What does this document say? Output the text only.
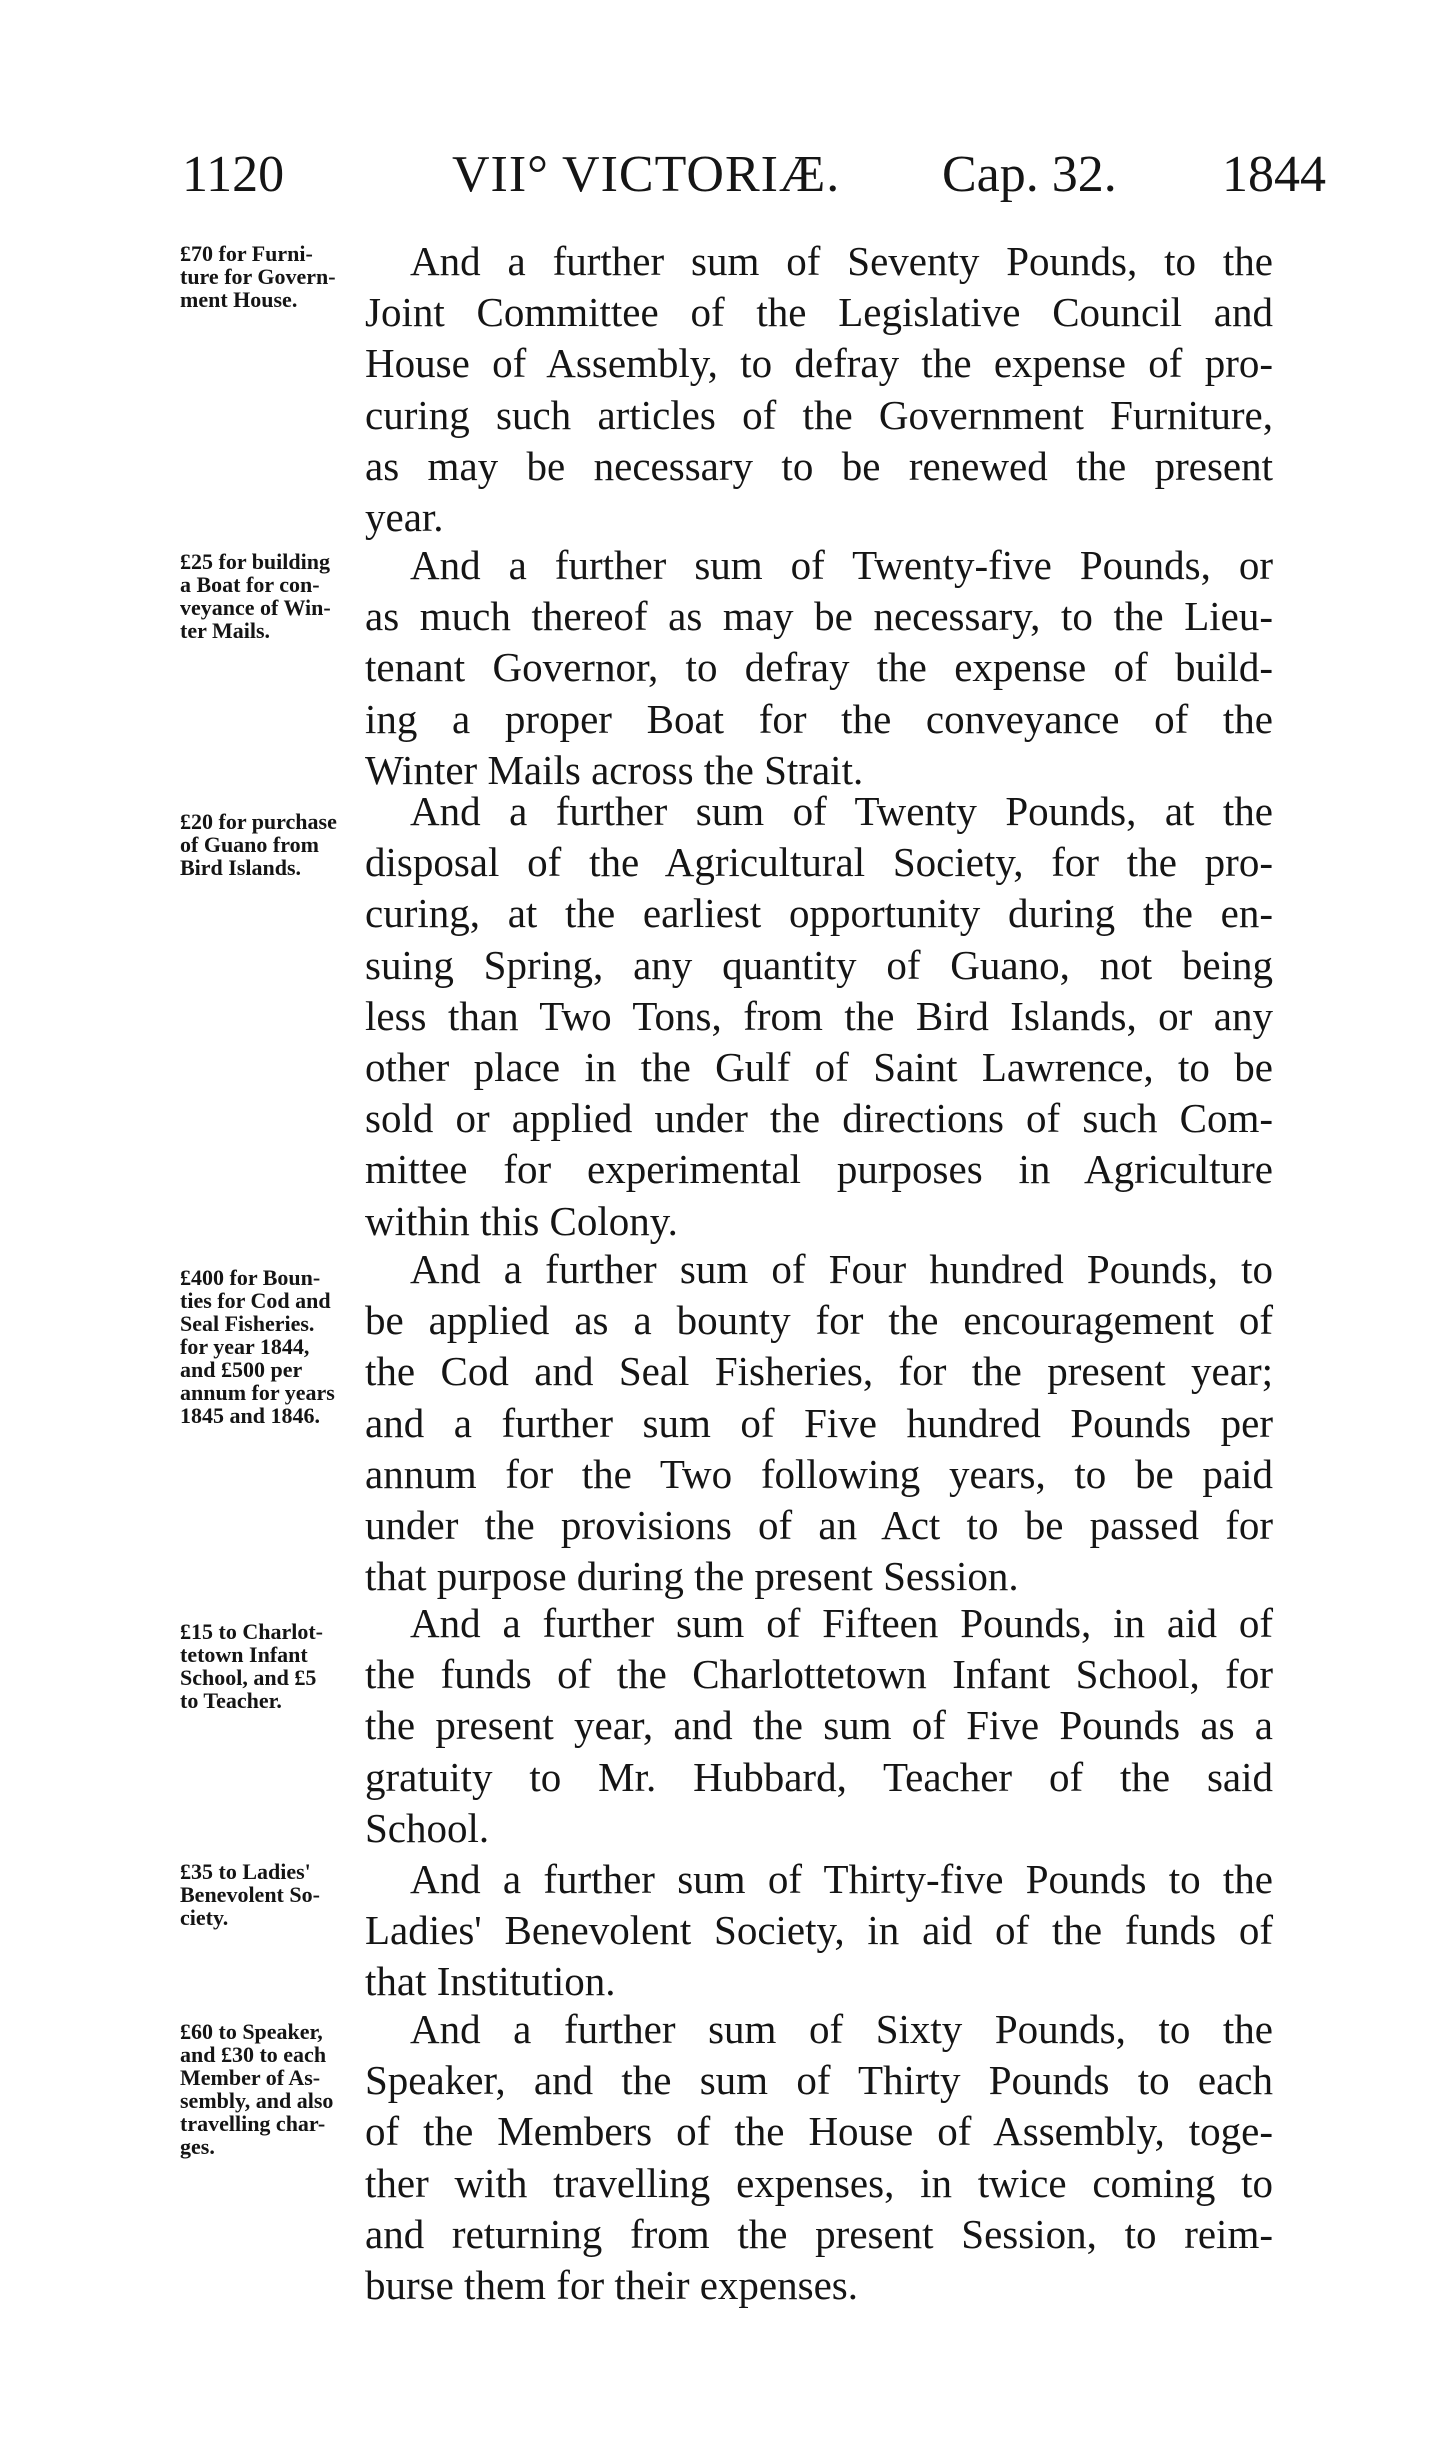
1120	VII° VICTORIÆ. Cap. 32. 1844
£70 for Furni-
ture for Govern-
ment House.
And a further sum of Seventy Pounds, to the
Joint Committee of the Legislative Council and
House of Assembly, to defray the expense of pro-
curing such articles of the Government Furniture,
as may be necessary to be renewed the present
year.
£25 for building
a Boat for con-
veyance of Win-
ter Mails.
And a further sum of Twenty-five Pounds, or
as much thereof as may be necessary, to the Lieu-
tenant Governor, to defray the expense of build-
ing a proper Boat for the conveyance of the
Winter Mails across the Strait.
£20 for purchase
of Guano from
Bird Islands.
And a further sum of Twenty Pounds, at the
disposal of the Agricultural Society, for the pro-
curing, at the earliest opportunity during the en-
suing Spring, any quantity of Guano, not being
less than Two Tons, from the Bird Islands, or any
other place in the Gulf of Saint Lawrence, to be
sold or applied under the directions of such Com-
mittee for experimental purposes in Agriculture
within this Colony.
£400 for Boun-
ties for Cod and
Seal Fisheries.
for year 1844,
and £500 per
annum for years
1845 and 1846.
And a further sum of Four hundred Pounds, to
be applied as a bounty for the encouragement of
the Cod and Seal Fisheries, for the present year;
and a further sum of Five hundred Pounds per
annum for the Two following years, to be paid
under the provisions of an Act to be passed for
that purpose during the present Session.
£15 to Charlot-
tetown Infant
School, and £5
to Teacher.
And a further sum of Fifteen Pounds, in aid of
the funds of the Charlottetown Infant School, for
the present year, and the sum of Five Pounds as a
gratuity to Mr. Hubbard, Teacher of the said
School.
£35 to Ladies'
Benevolent So-
ciety.
And a further sum of Thirty-five Pounds to the
Ladies' Benevolent Society, in aid of the funds of
that Institution.
£60 to Speaker,
and £30 to each
Member of As-
sembly, and also
travelling char-
ges.
And a further sum of Sixty Pounds, to the
Speaker, and the sum of Thirty Pounds to each
of the Members of the House of Assembly, toge-
ther with travelling expenses, in twice coming to
and returning from the present Session, to reim-
burse them for their expenses.
